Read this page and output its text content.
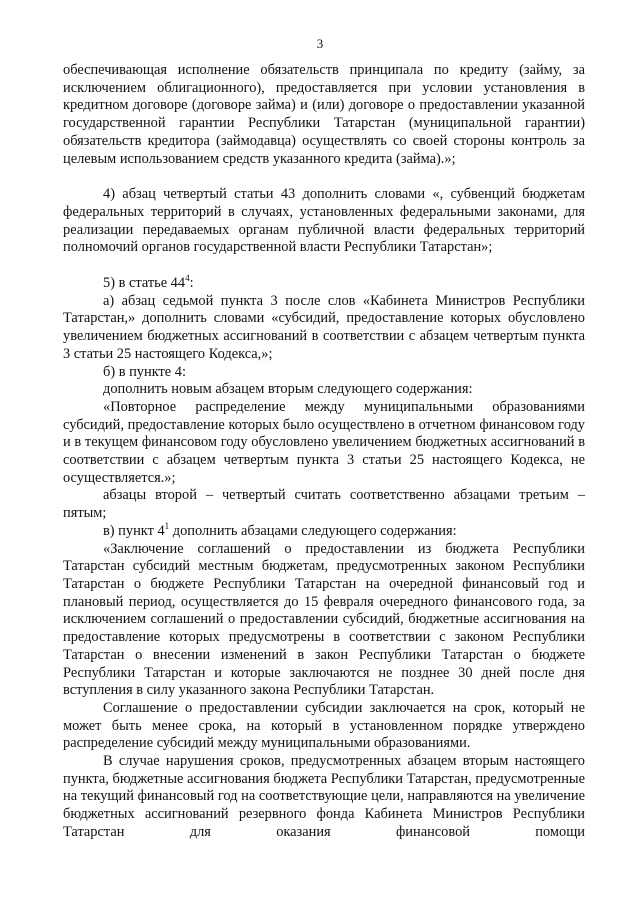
3

обеспечивающая исполнение обязательств принципала по кредиту (займу, за исключением облигационного), предоставляется при условии установления в кредитном договоре (договоре займа) и (или) договоре о предоставлении указанной государственной гарантии Республики Татарстан (муниципальной гарантии) обязательств кредитора (займодавца) осуществлять со своей стороны контроль за целевым использованием средств указанного кредита (займа).»;

4) абзац четвертый статьи 43 дополнить словами «, субвенций бюджетам федеральных территорий в случаях, установленных федеральными законами, для реализации передаваемых органам публичной власти федеральных территорий полномочий органов государственной власти Республики Татарстан»;

5) в статье $44^4$:

а) абзац седьмой пункта 3 после слов «Кабинета Министров Республики Татарстан,» дополнить словами «субсидий, предоставление которых обусловлено увеличением бюджетных ассигнований в соответствии с абзацем четвертым пункта 3 статьи 25 настоящего Кодекса,»;

б) в пункте 4:

дополнить новым абзацем вторым следующего содержания:

«Повторное распределение между муниципальными образованиями субсидий, предоставление которых было осуществлено в отчетном финансовом году и в текущем финансовом году обусловлено увеличением бюджетных ассигнований в соответствии с абзацем четвертым пункта 3 статьи 25 настоящего Кодекса, не осуществляется.»;

абзацы второй – четвертый считать соответственно абзацами третьим – пятым;

в) пункт $4^1$ дополнить абзацами следующего содержания:

«Заключение соглашений о предоставлении из бюджета Республики Татарстан субсидий местным бюджетам, предусмотренных законом Республики Татарстан о бюджете Республики Татарстан на очередной финансовый год и плановый период, осуществляется до 15 февраля очередного финансового года, за исключением соглашений о предоставлении субсидий, бюджетные ассигнования на предоставление которых предусмотрены в соответствии с законом Республики Татарстан о внесении изменений в закон Республики Татарстан о бюджете Республики Татарстан и которые заключаются не позднее 30 дней после дня вступления в силу указанного закона Республики Татарстан.

Соглашение о предоставлении субсидии заключается на срок, который не может быть менее срока, на который в установленном порядке утверждено распределение субсидий между муниципальными образованиями.

В случае нарушения сроков, предусмотренных абзацем вторым настоящего пункта, бюджетные ассигнования бюджета Республики Татарстан, предусмотренные на текущий финансовый год на соответствующие цели, направляются на увеличение бюджетных ассигнований резервного фонда Кабинета Министров Республики Татарстан для оказания финансовой помощи
